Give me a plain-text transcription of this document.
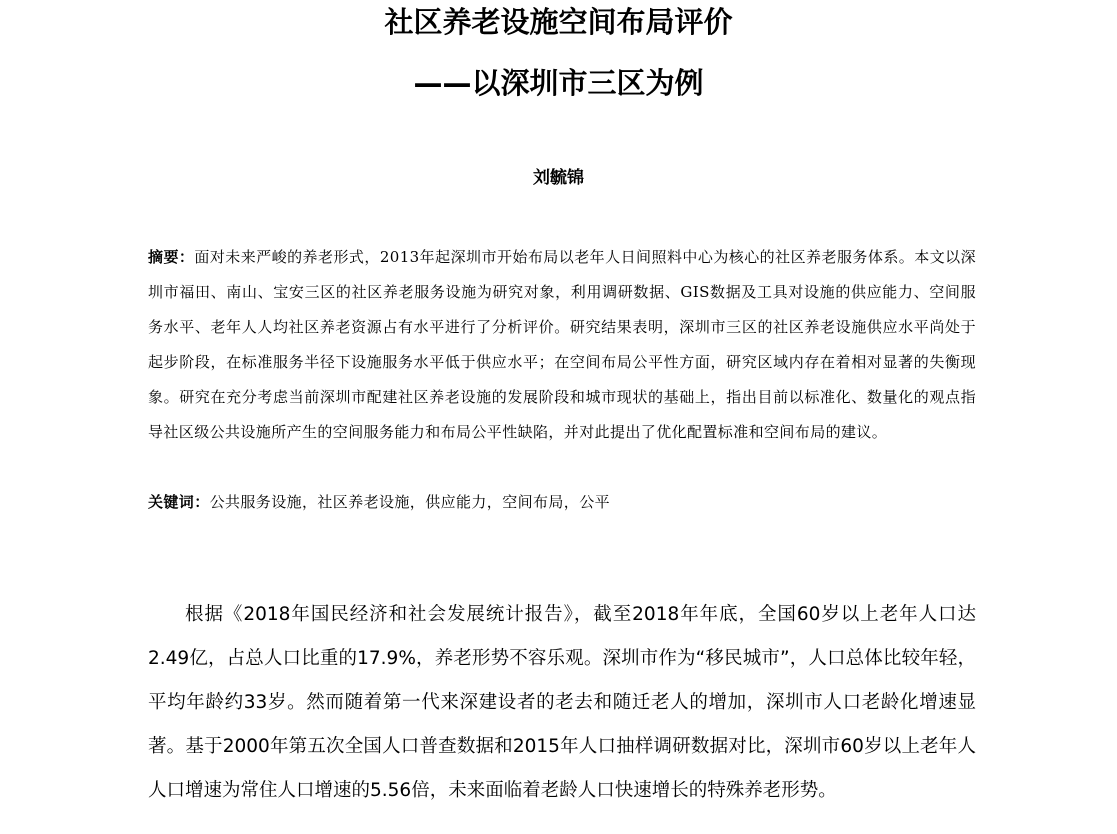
社区养老设施空间布局评价
——以深圳市三区为例
刘毓锦

摘要：面对未来严峻的养老形式，2013年起深圳市开始布局以老年人日间照料中心为核心的社区养老服务体系。本文以深圳市福田、南山、宝安三区的社区养老服务设施为研究对象，利用调研数据、GIS数据及工具对设施的供应能力、空间服务水平、老年人人均社区养老资源占有水平进行了分析评价。研究结果表明，深圳市三区的社区养老设施供应水平尚处于起步阶段，在标准服务半径下设施服务水平低于供应水平；在空间布局公平性方面，研究区域内存在着相对显著的失衡现象。研究在充分考虑当前深圳市配建社区养老设施的发展阶段和城市现状的基础上，指出目前以标准化、数量化的观点指导社区级公共设施所产生的空间服务能力和布局公平性缺陷，并对此提出了优化配置标准和空间布局的建议。

关键词：公共服务设施，社区养老设施，供应能力，空间布局，公平

根据《2018年国民经济和社会发展统计报告》，截至2018年年底，全国60岁以上老年人口达2.49亿，占总人口比重的17.9%，养老形势不容乐观。深圳市作为“移民城市”，人口总体比较年轻，平均年龄约33岁。然而随着第一代来深建设者的老去和随迁老人的增加，深圳市人口老龄化增速显著。基于2000年第五次全国人口普查数据和2015年人口抽样调研数据对比，深圳市60岁以上老年人人口增速为常住人口增速的5.56倍，未来面临着老龄人口快速增长的特殊养老形势。
